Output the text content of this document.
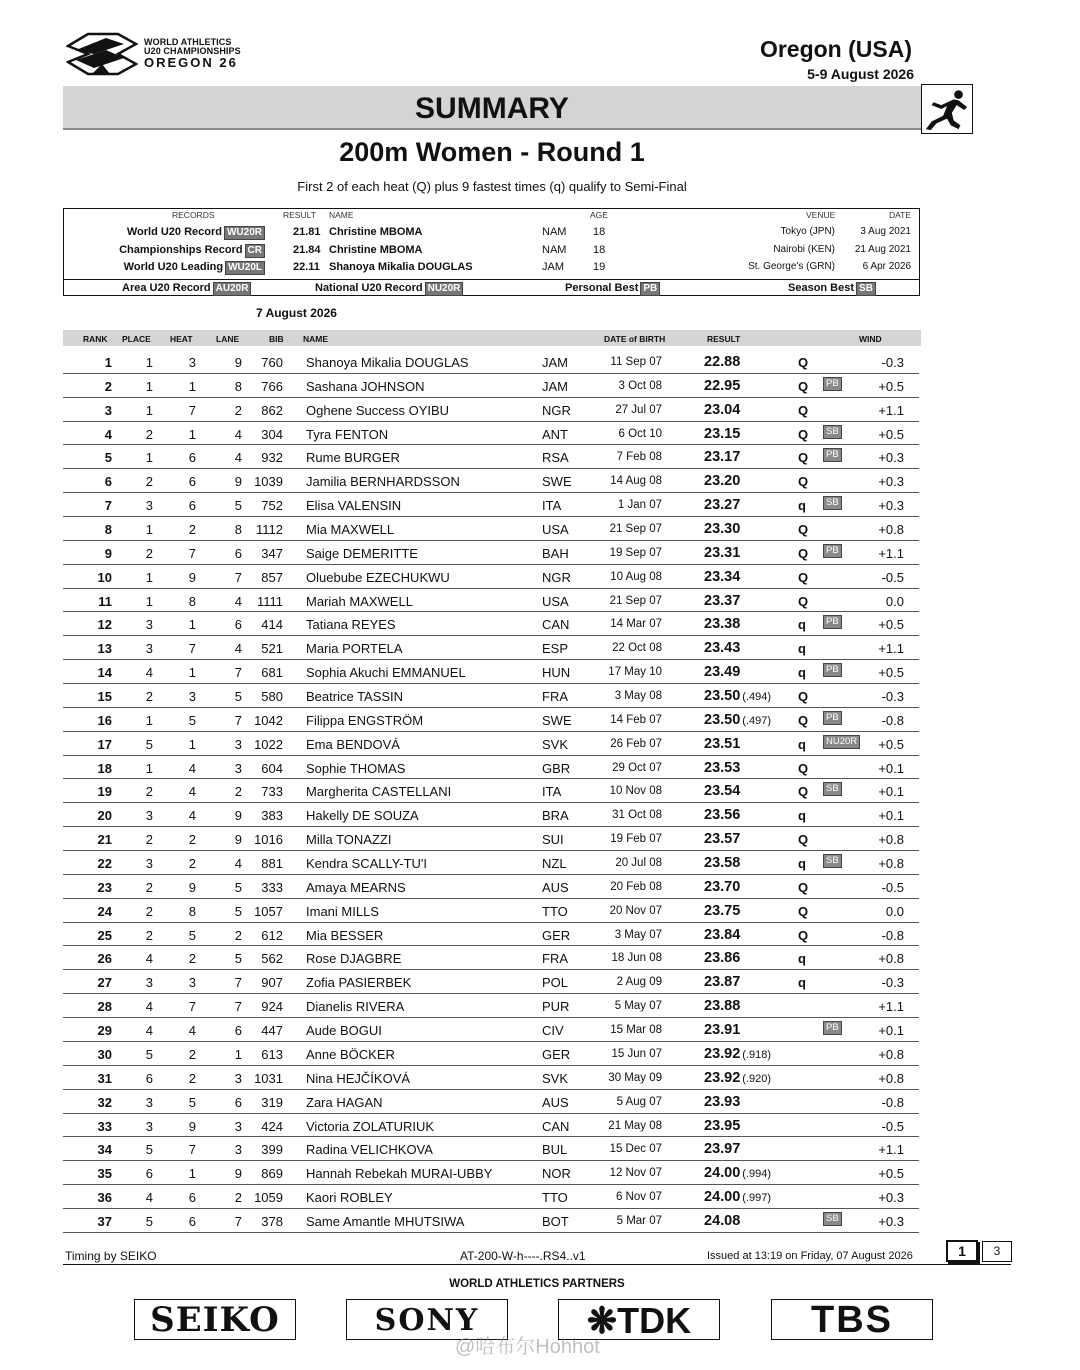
WORLD ATHLETICS
U20 CHAMPIONSHIPS
OREGON 26
Oregon (USA)
5-9 August 2026
SUMMARY
200m Women - Round 1
First 2 of each heat (Q) plus 9 fastest times (q) qualify to Semi-Final
RECORDS	RESULT NAME	AGE	VENUE	DATE
World U20 Record WU20R	21.81 Christine MBOMA	NAM 18	Tokyo (JPN)	3 Aug 2021
Championships Record CR	21.84 Christine MBOMA	NAM 18	Nairobi (KEN) 21 Aug 2021
World U20 Leading WU20L	22.11 Shanoya Mikalia DOUGLAS	JAM	19	St. George's (GRN)	6 Apr 2026
Area U20 Record AU20R	National U20 Record NU20R	Personal Best PB	Season Best SB
7 August 2026
RANK PLACE HEAT	LANE	BIB NAME	DATE of BIRTH	RESULT	WIND
1	1	3	9 760 Shanoya Mikalia DOUGLAS	JAM	11 Sep 07	22.88	Q	-0.3
2	1	1	8 766 Sashana JOHNSON	JAM	3 Oct 08	22.95	Q	PB	+0.5
3	1	7	2 862 Oghene Success OYIBU	NGR	27 Jul 07	23.04	Q	+1.1
4	2	1	4 304 Tyra FENTON	ANT	6 Oct 10	23.15	Q	SB	+0.5
5	1	6	4 932 Rume BURGER	RSA	7 Feb 08	23.17	Q	PB	+0.3
6	2	6	9 1039 Jamilia BERNHARDSSON	SWE	14 Aug 08	23.20	Q	+0.3
7	3	6	5 752 Elisa VALENSIN	ITA	1 Jan 07	23.27	q	SB	+0.3
8	1	2	8 1112 Mia MAXWELL	USA	21 Sep 07	23.30	Q	+0.8
9	2	7	6 347 Saige DEMERITTE	BAH	19 Sep 07	23.31	Q	PB	+1.1
10	1	9	7 857 Oluebube EZECHUKWU	NGR	10 Aug 08	23.34	Q	-0.5
11	1	8	4 1111 Mariah MAXWELL	USA	21 Sep 07	23.37	Q	0.0
12	3	1	6 414 Tatiana REYES	CAN	14 Mar 07	23.38	q	PB	+0.5
13	3	7	4 521 Maria PORTELA	ESP	22 Oct 08	23.43	q	+1.1
14	4	1	7 681 Sophia Akuchi EMMANUEL	HUN	17 May 10	23.49	q	PB	+0.5
15	2	3	5 580 Beatrice TASSIN	FRA	3 May 08	23.50 (.494) Q	-0.3
16	1	5	7 1042 Filippa ENGSTRÖM	SWE	14 Feb 07	23.50 (.497) Q	PB	-0.8
17	5	1	3 1022 Ema BENDOVÁ	SVK	26 Feb 07	23.51	q	NU20R +0.5
18	1	4	3 604 Sophie THOMAS	GBR	29 Oct 07	23.53	Q	+0.1
19	2	4	2 733 Margherita CASTELLANI	ITA	10 Nov 08	23.54	Q	SB	+0.1
20	3	4	9 383 Hakelly DE SOUZA	BRA	31 Oct 08	23.56	q	+0.1
21	2	2	9 1016 Milla TONAZZI	SUI	19 Feb 07	23.57	Q	+0.8
22	3	2	4 881 Kendra SCALLY-TU'I	NZL	20 Jul 08	23.58	q	SB	+0.8
23	2	9	5 333 Amaya MEARNS	AUS	20 Feb 08	23.70	Q	-0.5
24	2	8	5 1057 Imani MILLS	TTO	20 Nov 07	23.75	Q	0.0
25	2	5	2 612 Mia BESSER	GER	3 May 07	23.84	Q	-0.8
26	4	2	5 562 Rose DJAGBRE	FRA	18 Jun 08	23.86	q	+0.8
27	3	3	7 907 Zofia PASIERBEK	POL	2 Aug 09	23.87	q	-0.3
28	4	7	7 924 Dianelis RIVERA	PUR	5 May 07	23.88	+1.1
29	4	4	6 447 Aude BOGUI	CIV	15 Mar 08	23.91	PB	+0.1
30	5	2	1 613 Anne BÖCKER	GER	15 Jun 07	23.92 (.918)	+0.8
31	6	2	3 1031 Nina HEJČÍKOVÁ	SVK	30 May 09	23.92 (.920)	+0.8
32	3	5	6 319 Zara HAGAN	AUS	5 Aug 07	23.93	-0.8
33	3	9	3 424 Victoria ZOLATURIUK	CAN	21 May 08	23.95	-0.5
34	5	7	3 399 Radina VELICHKOVA	BUL	15 Dec 07	23.97	+1.1
35	6	1	9 869 Hannah Rebekah MURAI-UBBY	NOR	12 Nov 07	24.00 (.994)	+0.5
36	4	6	2 1059 Kaori ROBLEY	TTO	6 Nov 07	24.00 (.997)	+0.3
37	5	6	7 378 Same Amantle MHUTSIWA	BOT	5 Mar 07	24.08	SB	+0.3
Timing by SEIKO	AT-200-W-h----.RS4..v1	Issued at 13:19 on Friday, 07 August 2026	1	3
WORLD ATHLETICS PARTNERS
SEIKO	SONY	❋TDK	TBS
@哈布尔Hohhot
